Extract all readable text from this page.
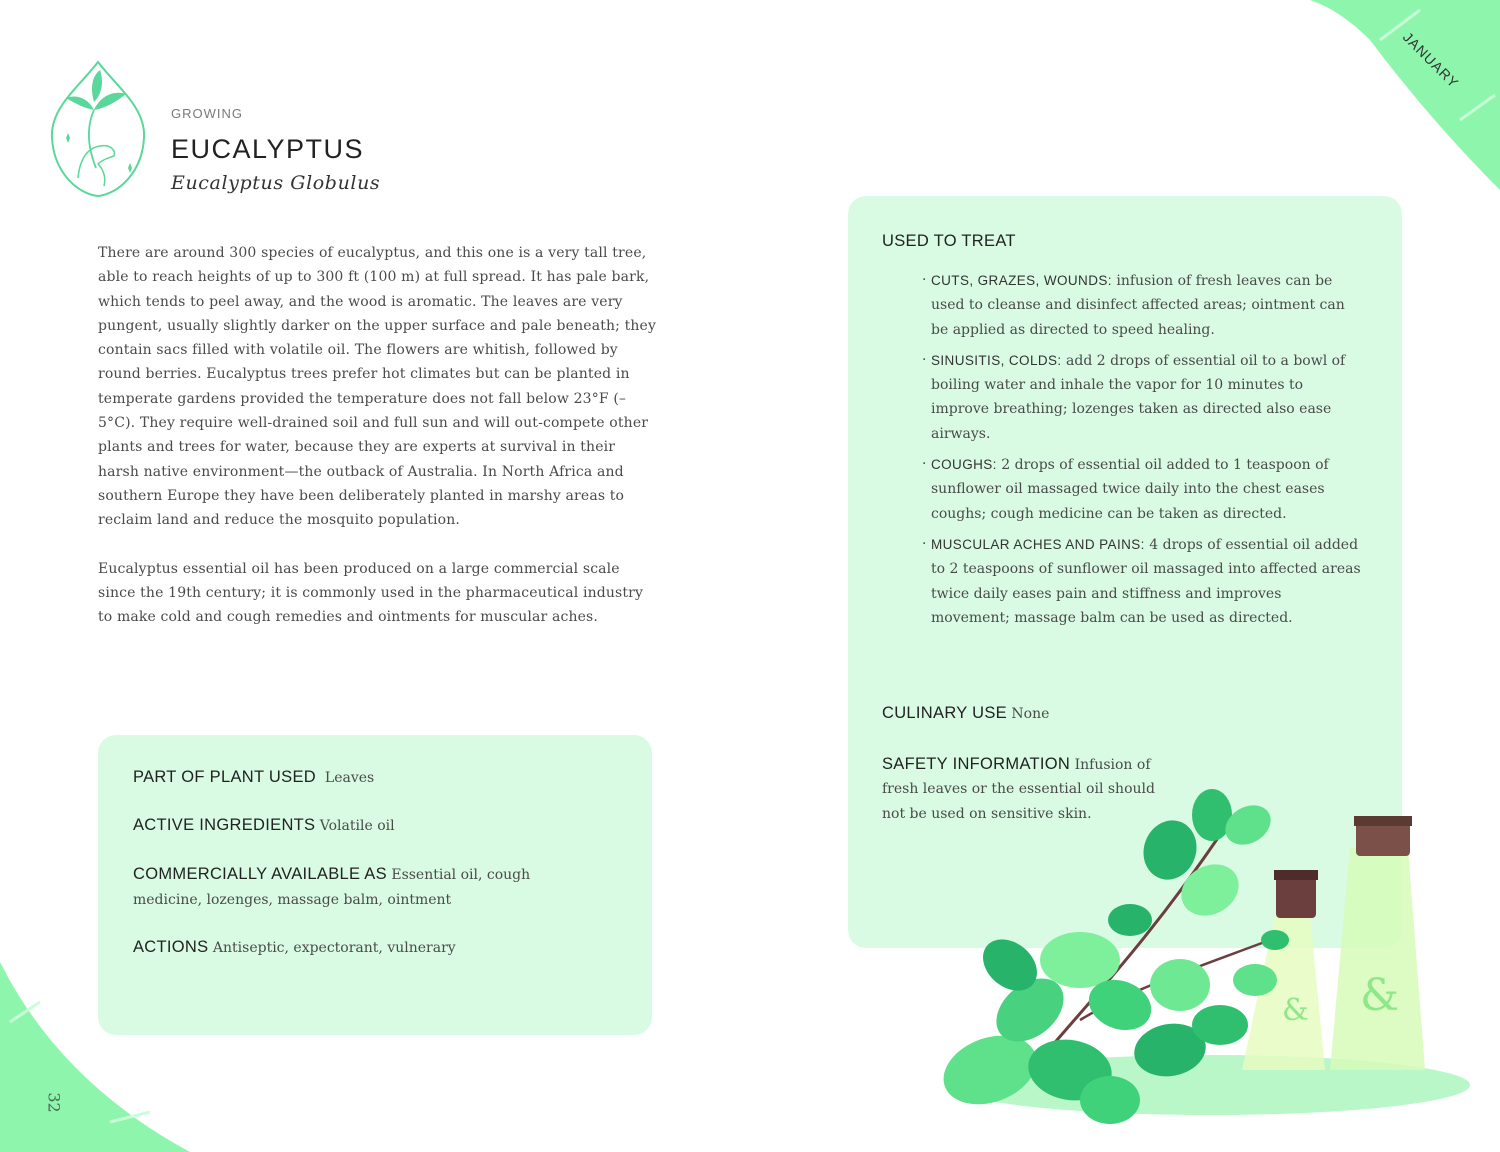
JANUARY
32
GROWING
EUCALYPTUS
Eucalyptus Globulus

There are around 300 species of eucalyptus, and this one is a very tall tree, able to reach heights of up to 300 ft (100 m) at full spread. It has pale bark, which tends to peel away, and the wood is aromatic. The leaves are very pungent, usually slightly darker on the upper surface and pale beneath; they contain sacs filled with volatile oil. The flowers are whitish, followed by round berries. Eucalyptus trees prefer hot climates but can be planted in temperate gardens provided the temperature does not fall below 23°F (–5°C). They require well-drained soil and full sun and will out-compete other plants and trees for water, because they are experts at survival in their harsh native environment—the outback of Australia. In North Africa and southern Europe they have been deliberately planted in marshy areas to reclaim land and reduce the mosquito population.

Eucalyptus essential oil has been produced on a large commercial scale since the 19th century; it is commonly used in the pharmaceutical industry to make cold and cough remedies and ointments for muscular aches.

PART OF PLANT USED Leaves
ACTIVE INGREDIENTS Volatile oil
COMMERCIALLY AVAILABLE AS Essential oil, cough medicine, lozenges, massage balm, ointment
ACTIONS Antiseptic, expectorant, vulnerary
USED TO TREAT
· CUTS, GRAZES, WOUNDS: infusion of fresh leaves can be used to cleanse and disinfect affected areas; ointment can be applied as directed to speed healing.
· SINUSITIS, COLDS: add 2 drops of essential oil to a bowl of boiling water and inhale the vapor for 10 minutes to improve breathing; lozenges taken as directed also ease airways.
· COUGHS: 2 drops of essential oil added to 1 teaspoon of sunflower oil massaged twice daily into the chest eases coughs; cough medicine can be taken as directed.
· MUSCULAR ACHES AND PAINS: 4 drops of essential oil added to 2 teaspoons of sunflower oil massaged into affected areas twice daily eases pain and stiffness and improves movement; massage balm can be used as directed.
CULINARY USE None
SAFETY INFORMATION Infusion of fresh leaves or the essential oil should not be used on sensitive skin.
&
&
